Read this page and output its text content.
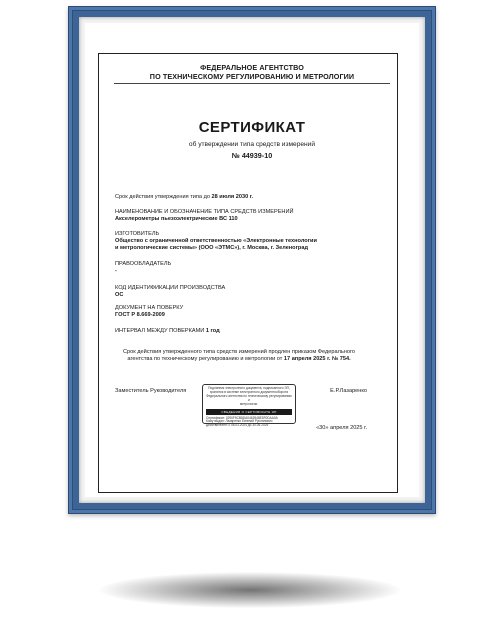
ФЕДЕРАЛЬНОЕ АГЕНТСТВО
ПО ТЕХНИЧЕСКОМУ РЕГУЛИРОВАНИЮ И МЕТРОЛОГИИ
СЕРТИФИКАТ
об утверждении типа средств измерений
№ 44939-10
Срок действия утверждения типа до 28 июля 2030 г.
НАИМЕНОВАНИЕ И ОБОЗНАЧЕНИЕ ТИПА СРЕДСТВ ИЗМЕРЕНИЙ
Акселерометры пьезоэлектрические ВС 110
ИЗГОТОВИТЕЛЬ
Общество с ограниченной ответственностью «Электронные технологии
и метрологические системы» (ООО «ЭТМС»), г. Москва, г. Зеленоград
ПРАВООБЛАДАТЕЛЬ
-
КОД ИДЕНТИФИКАЦИИ ПРОИЗВОДСТВА
ОС
ДОКУМЕНТ НА ПОВЕРКУ
ГОСТ Р 8.669-2009
ИНТЕРВАЛ МЕЖДУ ПОВЕРКАМИ 1 год
Срок действия утвержденного типа средств измерений продлен приказом Федерального
агентства по техническому регулированию и метрологии от 17 апреля 2025 г. № 754.
Заместитель Руководителя	Подлинник электронного документа, подписанного ЭП,
хранится в системе электронного документооборота
Федерального агентства по техническому регулированию и
метрологии.
СВЕДЕНИЯ О СЕРТИФИКАТЕ ЭП
Сертификат: 0290F5CB8DA0463948E5F0DAA0A
Кому выдан: Лазаренко Евгений Русланович
Действителен: с 06.03.2024 до 30.05.2025
Е.Р.Лазаренко
«30» апреля 2025 г.
